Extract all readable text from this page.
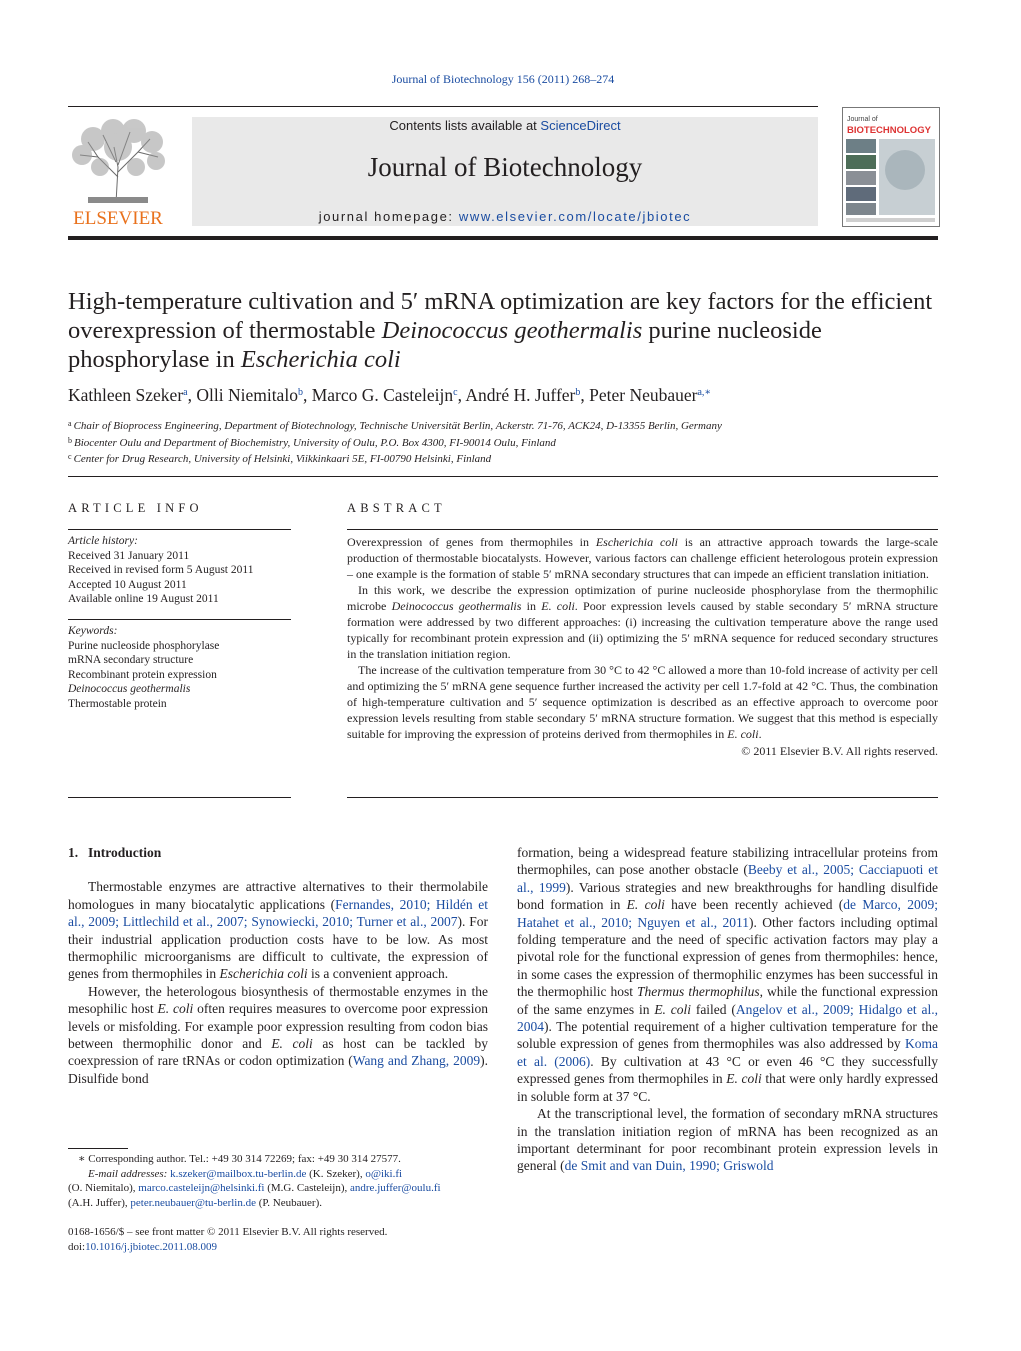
Journal of Biotechnology 156 (2011) 268–274
ELSEVIER
Contents lists available at ScienceDirect
Journal of Biotechnology
journal homepage: www.elsevier.com/locate/jbiotec
Journal of
BIOTECHNOLOGY
High-temperature cultivation and 5′ mRNA optimization are key factors for the efficient overexpression of thermostable Deinococcus geothermalis purine nucleoside phosphorylase in Escherichia coli
Kathleen Szeker$^a$, Olli Niemitalo$^b$, Marco G. Casteleijn$^c$, André H. Juffer$^b$, Peter Neubauer$^{a,∗}$
$^a$ Chair of Bioprocess Engineering, Department of Biotechnology, Technische Universität Berlin, Ackerstr. 71-76, ACK24, D-13355 Berlin, Germany
$^b$ Biocenter Oulu and Department of Biochemistry, University of Oulu, P.O. Box 4300, FI-90014 Oulu, Finland
$^c$ Center for Drug Research, University of Helsinki, Viikkinkaari 5E, FI-00790 Helsinki, Finland
ARTICLE INFO
Article history:
Received 31 January 2011
Received in revised form 5 August 2011
Accepted 10 August 2011
Available online 19 August 2011
Keywords:
Purine nucleoside phosphorylase
mRNA secondary structure
Recombinant protein expression
Deinococcus geothermalis
Thermostable protein
ABSTRACT

Overexpression of genes from thermophiles in Escherichia coli is an attractive approach towards the large-scale production of thermostable biocatalysts. However, various factors can challenge efficient heterologous protein expression – one example is the formation of stable 5′ mRNA secondary structures that can impede an efficient translation initiation.

In this work, we describe the expression optimization of purine nucleoside phosphorylase from the thermophilic microbe Deinococcus geothermalis in E. coli. Poor expression levels caused by stable secondary 5′ mRNA structure formation were addressed by two different approaches: (i) increasing the cultivation temperature above the range used typically for recombinant protein expression and (ii) optimizing the 5′ mRNA sequence for reduced secondary structures in the translation initiation region.

The increase of the cultivation temperature from 30 °C to 42 °C allowed a more than 10-fold increase of activity per cell and optimizing the 5′ mRNA gene sequence further increased the activity per cell 1.7-fold at 42 °C. Thus, the combination of high-temperature cultivation and 5′ sequence optimization is described as an effective approach to overcome poor expression levels resulting from stable secondary 5′ mRNA structure formation. We suggest that this method is especially suitable for improving the expression of proteins derived from thermophiles in E. coli.

© 2011 Elsevier B.V. All rights reserved.
1. Introduction

Thermostable enzymes are attractive alternatives to their thermolabile homologues in many biocatalytic applications (Fernandes, 2010; Hildén et al., 2009; Littlechild et al., 2007; Synowiecki, 2010; Turner et al., 2007). For their industrial application production costs have to be low. As most thermophilic microorganisms are difficult to cultivate, the expression of genes from thermophiles in Escherichia coli is a convenient approach.

However, the heterologous biosynthesis of thermostable enzymes in the mesophilic host E. coli often requires measures to overcome poor expression levels or misfolding. For example poor expression resulting from codon bias between thermophilic donor and E. coli as host can be tackled by coexpression of rare tRNAs or codon optimization (Wang and Zhang, 2009). Disulfide bond

formation, being a widespread feature stabilizing intracellular proteins from thermophiles, can pose another obstacle (Beeby et al., 2005; Cacciapuoti et al., 1999). Various strategies and new breakthroughs for handling disulfide bond formation in E. coli have been recently achieved (de Marco, 2009; Hatahet et al., 2010; Nguyen et al., 2011). Other factors including optimal folding temperature and the need of specific activation factors may play a pivotal role for the functional expression of genes from thermophiles: hence, in some cases the expression of thermophilic enzymes has been successful in the thermophilic host Thermus thermophilus, while the functional expression of the same enzymes in E. coli failed (Angelov et al., 2009; Hidalgo et al., 2004). The potential requirement of a higher cultivation temperature for the soluble expression of genes from thermophiles was also addressed by Koma et al. (2006). By cultivation at 43 °C or even 46 °C they successfully expressed genes from thermophiles in E. coli that were only hardly expressed in soluble form at 37 °C.

At the transcriptional level, the formation of secondary mRNA structures in the translation initiation region of mRNA has been recognized as an important determinant for poor recombinant protein expression levels in general (de Smit and van Duin, 1990; Griswold

∗ Corresponding author. Tel.: +49 30 314 72269; fax: +49 30 314 27577.
E-mail addresses: k.szeker@mailbox.tu-berlin.de (K. Szeker), o@iki.fi
(O. Niemitalo), marco.casteleijn@helsinki.fi (M.G. Casteleijn), andre.juffer@oulu.fi
(A.H. Juffer), peter.neubauer@tu-berlin.de (P. Neubauer).
0168-1656/$ – see front matter © 2011 Elsevier B.V. All rights reserved.
doi:10.1016/j.jbiotec.2011.08.009
